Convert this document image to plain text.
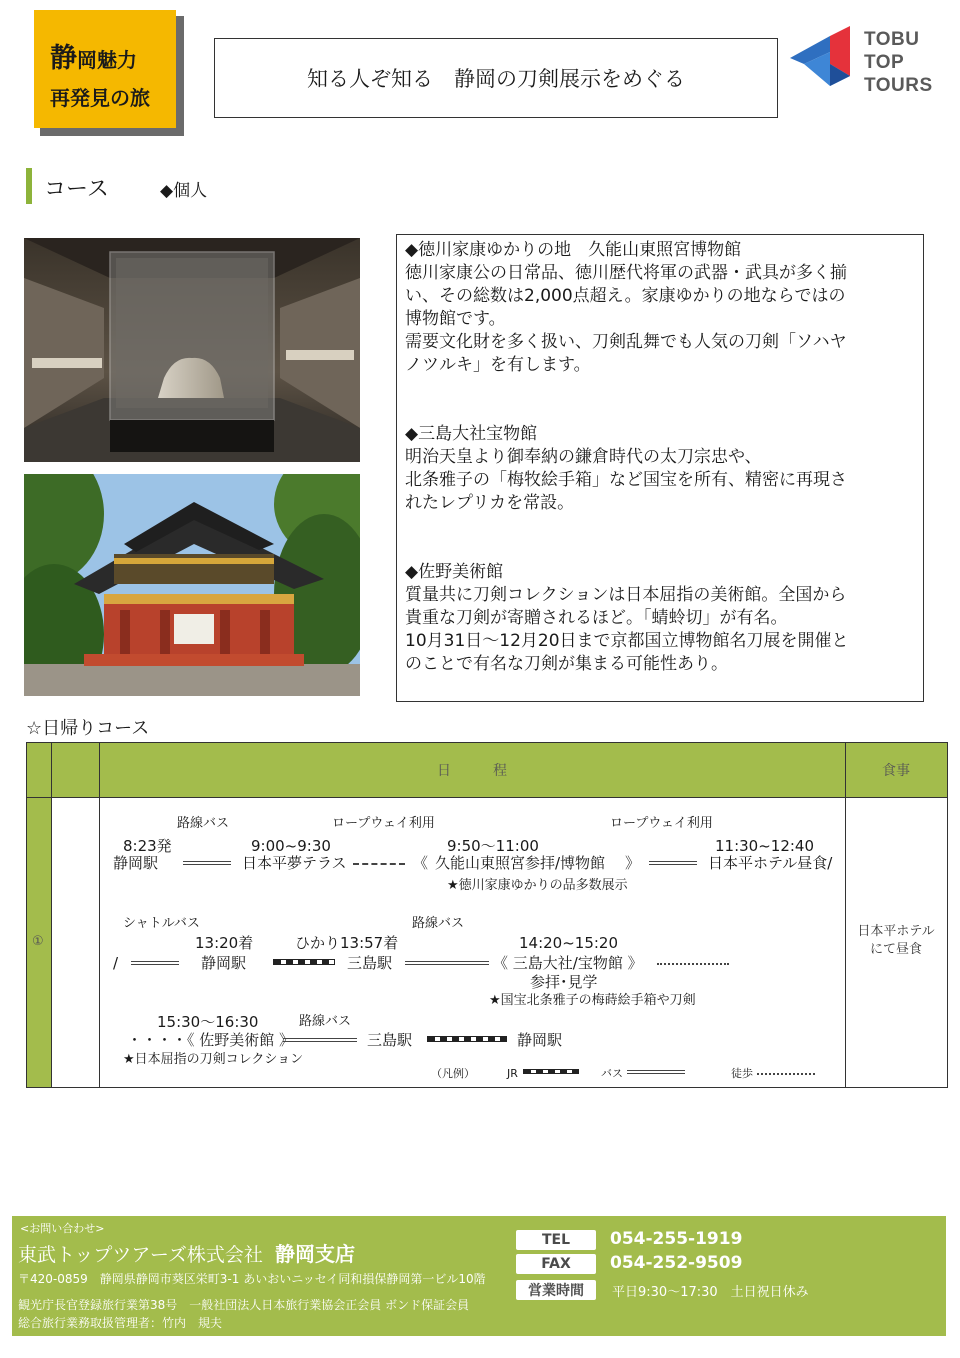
静岡魅力
再発見の旅
知る人ぞ知る　静岡の刀剣展示をめぐる
TOBU
TOP
TOURS
コース	◆個人

◆徳川家康ゆかりの地　久能山東照宮博物館

徳川家康公の日常品、徳川歴代将軍の武器・武具が多く揃
い、その総数は2,000点超え。家康ゆかりの地ならではの
博物館です。
需要文化財を多く扱い、刀剣乱舞でも人気の刀剣「ソハヤ
ノツルキ」を有します。

◆三島大社宝物館

明治天皇より御奉納の鎌倉時代の太刀宗忠や、
北条雅子の「梅牧絵手箱」など国宝を所有、精密に再現さ
れたレプリカを常設。

◆佐野美術館

質量共に刀剣コレクションは日本屈指の美術館。全国から
貴重な刀剣が寄贈されるほど。「蜻蛉切」が有名。
10月31日～12月20日まで京都国立博物館名刀展を開催と
のことで有名な刀剣が集まる可能性あり。

☆日帰りコース
日　　　程	食事
①
日本平ホテル
にて昼食
路線バス	ロープウェイ利用	ロープウェイ利用
8:23発	9:00~9:30	9:50～11:00	11:30~12:40
静岡駅	日本平夢テラス	《 久能山東照宮参拝/博物館 》	日本平ホテル昼食/
★徳川家康ゆかりの品多数展示
シャトルバス	路線バス
13:20着	ひかり13:57着	14:20~15:20
/	静岡駅	三島駅	《 三島大社/宝物館 》
参拝･見学
★国宝北条雅子の梅蒔絵手箱や刀剣
15:30～16:30	路線バス
・・・・《 佐野美術館 》	三島駅	静岡駅
★日本屈指の刀剣コレクション
（凡例）	JR	バス	徒歩
<お問い合わせ>
東武トップツアーズ株式会社 静岡支店
〒420-0859　静岡県静岡市葵区栄町3-1 あいおいニッセイ同和損保静岡第一ビル10階
観光庁長官登録旅行業第38号　一般社団法人日本旅行業協会正会員 ボンド保証会員
総合旅行業務取扱管理者：竹内　規夫
TEL	054-255-1919
FAX	054-252-9509
営業時間	平日9:30～17:30　土日祝日休み
